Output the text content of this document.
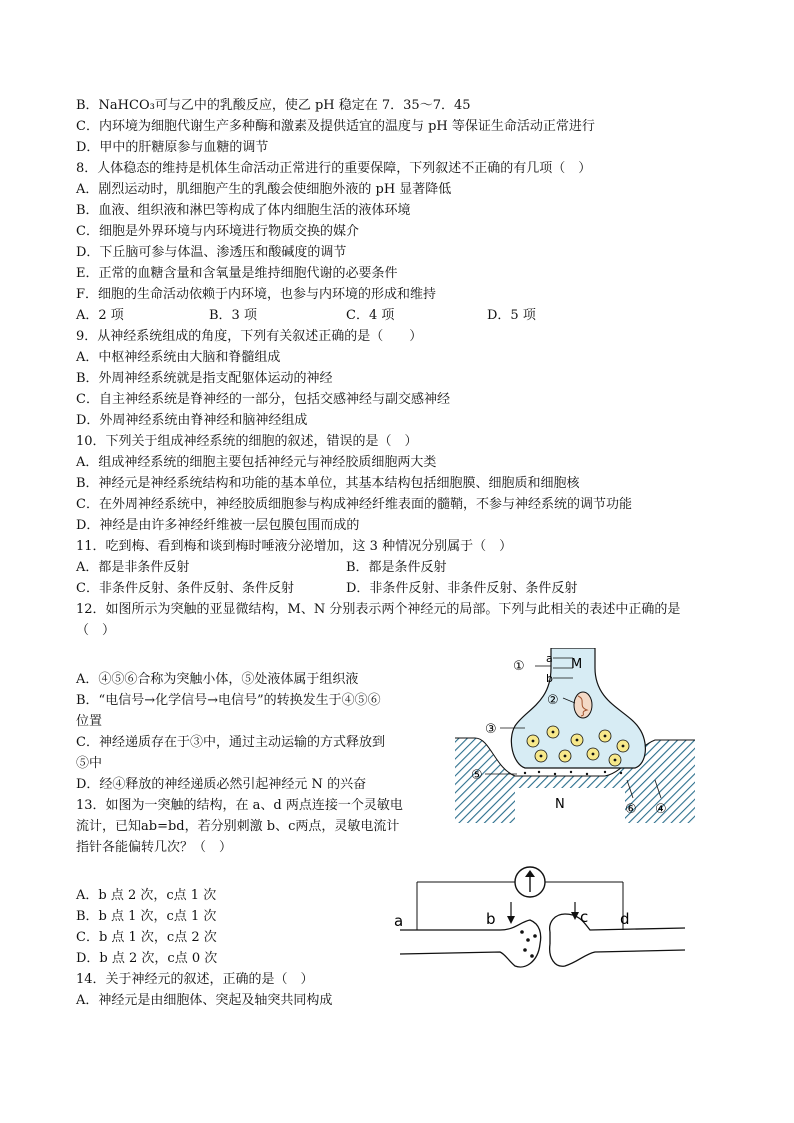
B．NaHCO₃可与乙中的乳酸反应，使乙 pH 稳定在 7．35～7．45
C．内环境为细胞代谢生产多种酶和激素及提供适宜的温度与 pH 等保证生命活动正常进行
D．甲中的肝糖原参与血糖的调节
8．人体稳态的维持是机体生命活动正常进行的重要保障，下列叙述不正确的有几项（　）
A．剧烈运动时，肌细胞产生的乳酸会使细胞外液的 pH 显著降低
B．血液、组织液和淋巴等构成了体内细胞生活的液体环境
C．细胞是外界环境与内环境进行物质交换的媒介
D．下丘脑可参与体温、渗透压和酸碱度的调节
E．正常的血糖含量和含氧量是维持细胞代谢的必要条件
F．细胞的生命活动依赖于内环境，也参与内环境的形成和维持
A．2 项	B．3 项	C．4 项	D．5 项
9．从神经系统组成的角度，下列有关叙述正确的是（　　）
A．中枢神经系统由大脑和脊髓组成
B．外周神经系统就是指支配躯体运动的神经
C．自主神经系统是脊神经的一部分，包括交感神经与副交感神经
D．外周神经系统由脊神经和脑神经组成
10．下列关于组成神经系统的细胞的叙述，错误的是（　）
A．组成神经系统的细胞主要包括神经元与神经胶质细胞两大类
B．神经元是神经系统结构和功能的基本单位，其基本结构包括细胞膜、细胞质和细胞核
C．在外周神经系统中，神经胶质细胞参与构成神经纤维表面的髓鞘，不参与神经系统的调节功能
D．神经是由许多神经纤维被一层包膜包围而成的
11．吃到梅、看到梅和谈到梅时唾液分泌增加，这 3 种情况分别属于（　）
A．都是非条件反射	B．都是条件反射
C．非条件反射、条件反射、条件反射	D．非条件反射、非条件反射、条件反射
12．如图所示为突触的亚显微结构，M、N 分别表示两个神经元的局部。下列与此相关的表述中正确的是
（　）
A．④⑤⑥合称为突触小体，⑤处液体属于组织液
B．“电信号→化学信号→电信号”的转换发生于④⑤⑥
位置
C．神经递质存在于③中，通过主动运输的方式释放到
⑤中
D．经④释放的神经递质必然引起神经元 N 的兴奋
①
a
b
M
②
③
⑤
⑥ ④
N
13．如图为一突触的结构，在 a、d 两点连接一个灵敏电
流计，已知ab=bd，若分别刺激 b、c两点，灵敏电流计
指针各能偏转几次？（　）
A．b 点 2 次，c点 1 次
B．b 点 1 次，c点 1 次
C．b 点 1 次，c点 2 次
D．b 点 2 次，c点 0 次
a	b	c d
14．关于神经元的叙述，正确的是（　）
A．神经元是由细胞体、突起及轴突共同构成
